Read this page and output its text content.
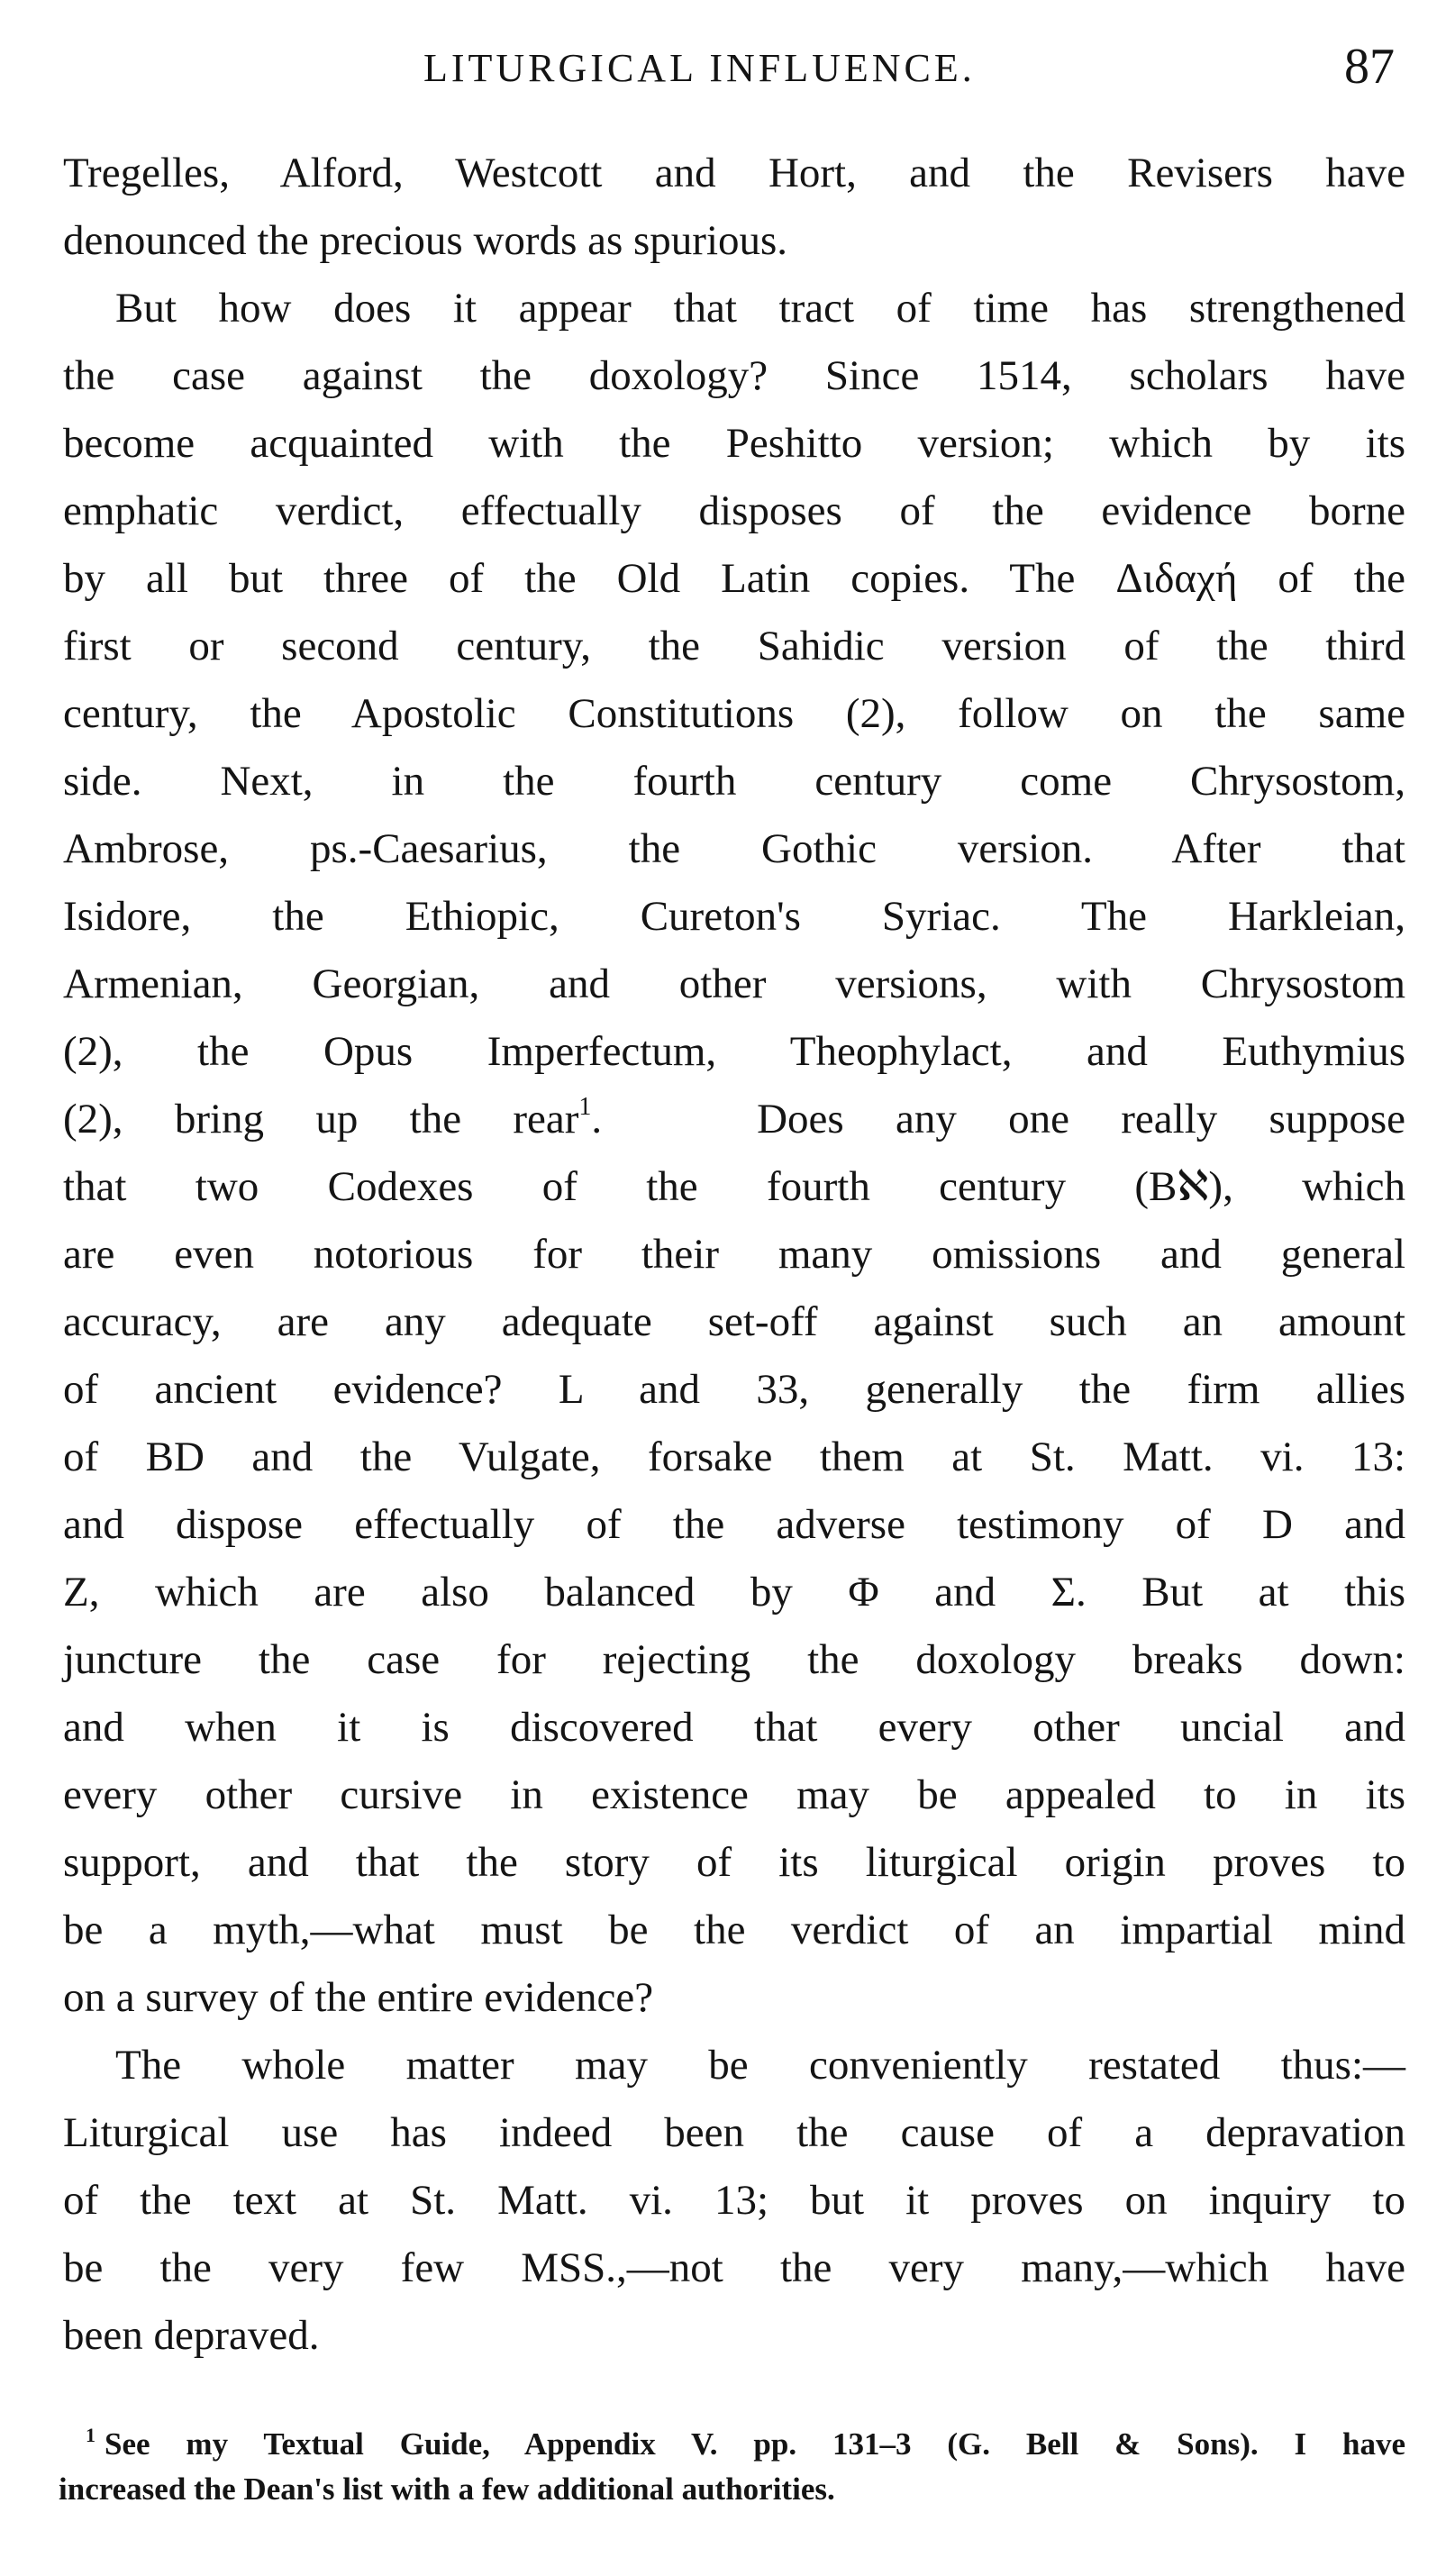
LITURGICAL INFLUENCE.	87
Tregelles, Alford, Westcott and Hort, and the Revisers have
denounced the precious words as spurious.
But how does it appear that tract of time has strengthened
the case against the doxology? Since 1514, scholars have
become acquainted with the Peshitto version; which by its
emphatic verdict, effectually disposes of the evidence borne
by all but three of the Old Latin copies. The Διδαχή of the
first or second century, the Sahidic version of the third
century, the Apostolic Constitutions (2), follow on the same
side. Next, in the fourth century come Chrysostom,
Ambrose, ps.-Caesarius, the Gothic version. After that
Isidore, the Ethiopic, Cureton's Syriac. The Harkleian,
Armenian, Georgian, and other versions, with Chrysostom
(2), the Opus Imperfectum, Theophylact, and Euthymius
(2), bring up the rear$^1$.   Does any one really suppose
that two Codexes of the fourth century (Bℵ), which
are even notorious for their many omissions and general
accuracy, are any adequate set-off against such an amount
of ancient evidence? L and 33, generally the firm allies
of BD and the Vulgate, forsake them at St. Matt. vi. 13:
and dispose effectually of the adverse testimony of D and
Z, which are also balanced by Φ and Σ. But at this
juncture the case for rejecting the doxology breaks down:
and when it is discovered that every other uncial and
every other cursive in existence may be appealed to in its
support, and that the story of its liturgical origin proves to
be a myth,—what must be the verdict of an impartial mind
on a survey of the entire evidence?
The whole matter may be conveniently restated thus:—
Liturgical use has indeed been the cause of a depravation
of the text at St. Matt. vi. 13; but it proves on inquiry to
be the very few MSS.,—not the very many,—which have
been depraved.
$^1$ See my Textual Guide, Appendix V. pp. 131–3 (G. Bell & Sons). I have
increased the Dean's list with a few additional authorities.
